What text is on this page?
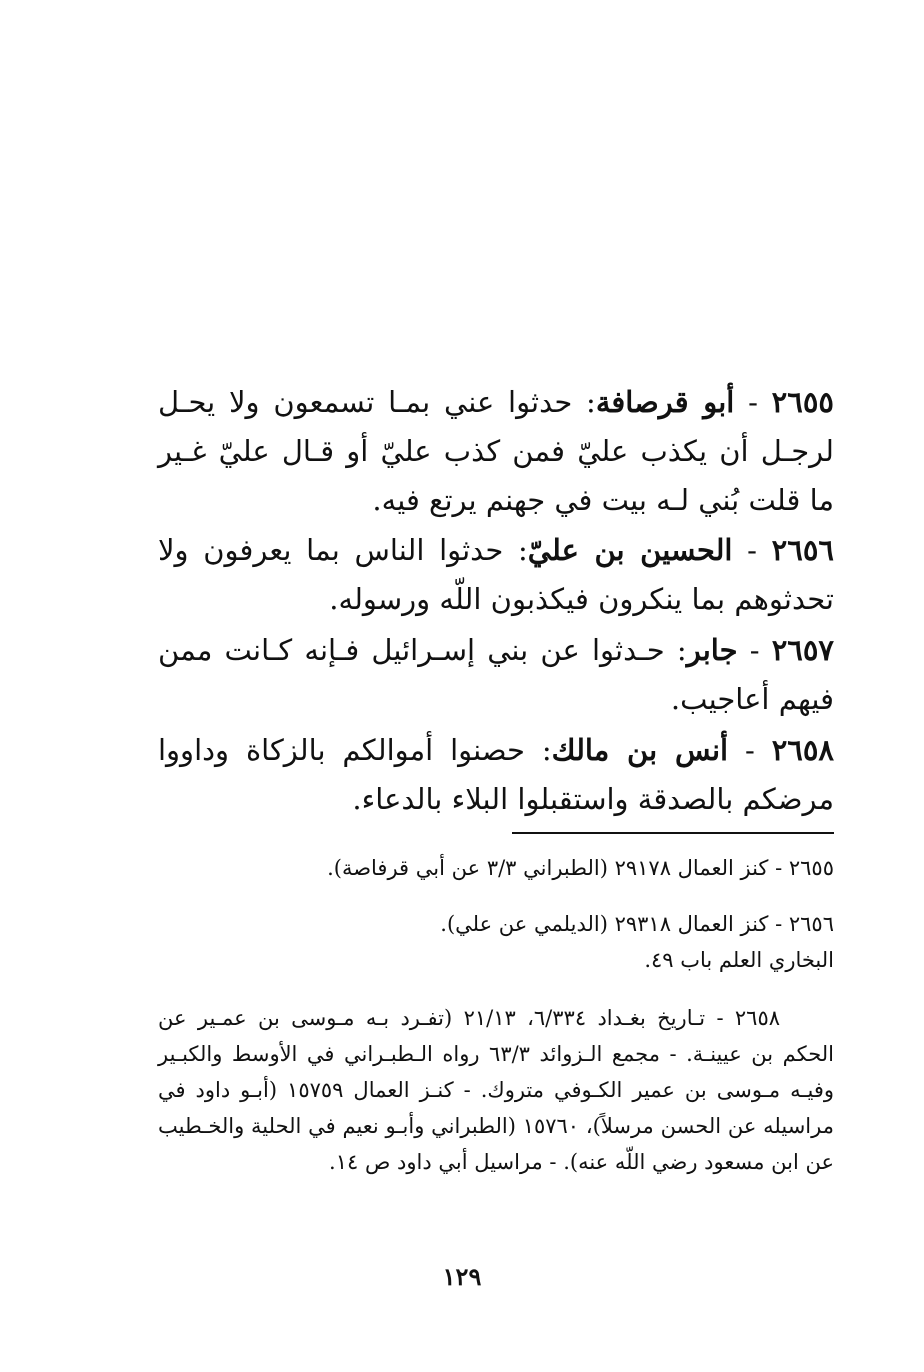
٢٦٥٥ - أبو قرصافة: حدثوا عني بمـا تسمعون ولا يحـل لرجـل أن يكذب عليّ فمن كذب عليّ أو قـال عليّ غـير ما قلت بُني لـه بيت في جهنم يرتع فيه.
٢٦٥٦ - الحسين بن عليّ: حدثوا الناس بما يعرفون ولا تحدثوهم بما ينكرون فيكذبون اللّه ورسوله.
٢٦٥٧ - جابر: حـدثوا عن بني إسـرائيل فـإنه كـانت ممن فيهم أعاجيب.
٢٦٥٨ - أنس بن مالك: حصنوا أموالكم بالزكاة وداووا مرضكم بالصدقة واستقبلوا البلاء بالدعاء.
٢٦٥٥ - كنز العمال ٢٩١٧٨ (الطبراني ٣/٣ عن أبي قرفاصة).
٢٦٥٦ - كنز العمال ٢٩٣١٨ (الديلمي عن علي).
البخاري العلم باب ٤٩.
٢٦٥٨ - تـاريخ بغـداد ٦/٣٣٤، ٢١/١٣ (تفـرد بـه مـوسى بن عمـير عن الحكم بن عيينـة. - مجمع الـزوائد ٦٣/٣ رواه الـطبـراني في الأوسط والكبـير وفيـه مـوسى بن عمير الكـوفي متروك. - كنـز العمال ١٥٧٥٩ (أبـو داود في مراسيله عن الحسن مرسلاً)، ١٥٧٦٠ (الطبراني وأبـو نعيم في الحلية والخـطيب عن ابن مسعود رضي اللّه عنه). - مراسيل أبي داود ص ١٤.
١٢٩
